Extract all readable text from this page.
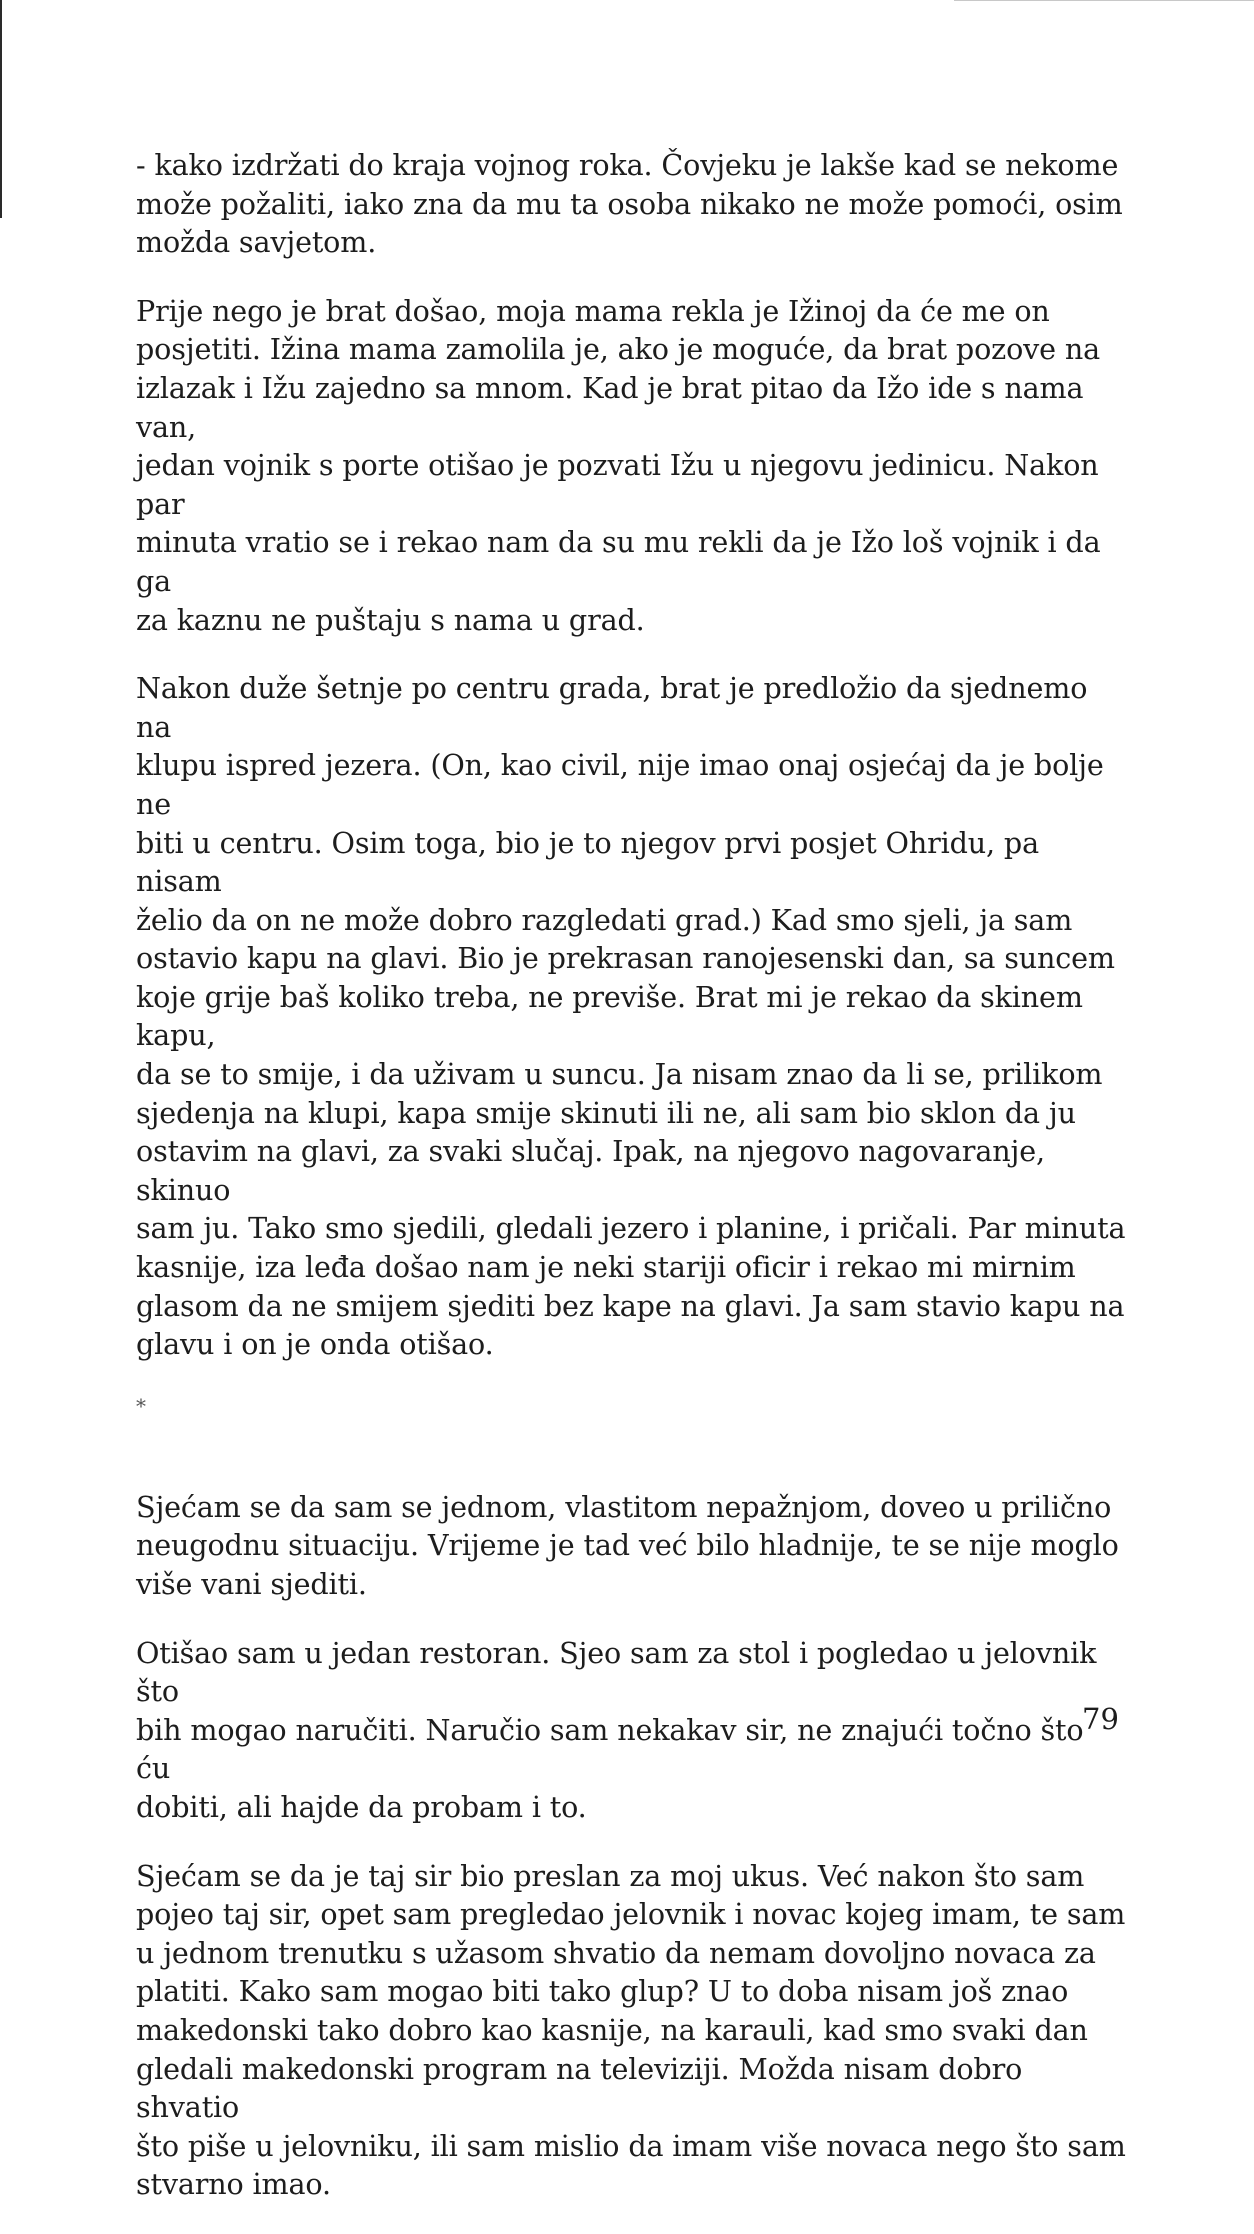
- kako izdržati do kraja vojnog roka. Čovjeku je lakše kad se nekome

može požaliti, iako zna da mu ta osoba nikako ne može pomoći, osim

možda savjetom.

Prije nego je brat došao, moja mama rekla je Ižinoj da će me on

posjetiti. Ižina mama zamolila je, ako je moguće, da brat pozove na

izlazak i Ižu zajedno sa mnom. Kad je brat pitao da Ižo ide s nama van,

jedan vojnik s porte otišao je pozvati Ižu u njegovu jedinicu. Nakon par

minuta vratio se i rekao nam da su mu rekli da je Ižo loš vojnik i da ga

za kaznu ne puštaju s nama u grad.

Nakon duže šetnje po centru grada, brat je predložio da sjednemo na

klupu ispred jezera. (On, kao civil, nije imao onaj osjećaj da je bolje ne

biti u centru. Osim toga, bio je to njegov prvi posjet Ohridu, pa nisam

želio da on ne može dobro razgledati grad.) Kad smo sjeli, ja sam

ostavio kapu na glavi. Bio je prekrasan ranojesenski dan, sa suncem

koje grije baš koliko treba, ne previše. Brat mi je rekao da skinem kapu,

da se to smije, i da uživam u suncu. Ja nisam znao da li se, prilikom

sjedenja na klupi, kapa smije skinuti ili ne, ali sam bio sklon da ju

ostavim na glavi, za svaki slučaj. Ipak, na njegovo nagovaranje, skinuo

sam ju. Tako smo sjedili, gledali jezero i planine, i pričali. Par minuta

kasnije, iza leđa došao nam je neki stariji oficir i rekao mi mirnim

glasom da ne smijem sjediti bez kape na glavi. Ja sam stavio kapu na

glavu i on je onda otišao.

*

Sjećam se da sam se jednom, vlastitom nepažnjom, doveo u prilično

neugodnu situaciju. Vrijeme je tad već bilo hladnije, te se nije moglo

više vani sjediti.

Otišao sam u jedan restoran. Sjeo sam za stol i pogledao u jelovnik što

bih mogao naručiti. Naručio sam nekakav sir, ne znajući točno što ću

dobiti, ali hajde da probam i to.

Sjećam se da je taj sir bio preslan za moj ukus. Već nakon što sam

pojeo taj sir, opet sam pregledao jelovnik i novac kojeg imam, te sam

u jednom trenutku s užasom shvatio da nemam dovoljno novaca za

platiti. Kako sam mogao biti tako glup? U to doba nisam još znao

makedonski tako dobro kao kasnije, na karauli, kad smo svaki dan

gledali makedonski program na televiziji. Možda nisam dobro shvatio

što piše u jelovniku, ili sam mislio da imam više novaca nego što sam

stvarno imao.

79
